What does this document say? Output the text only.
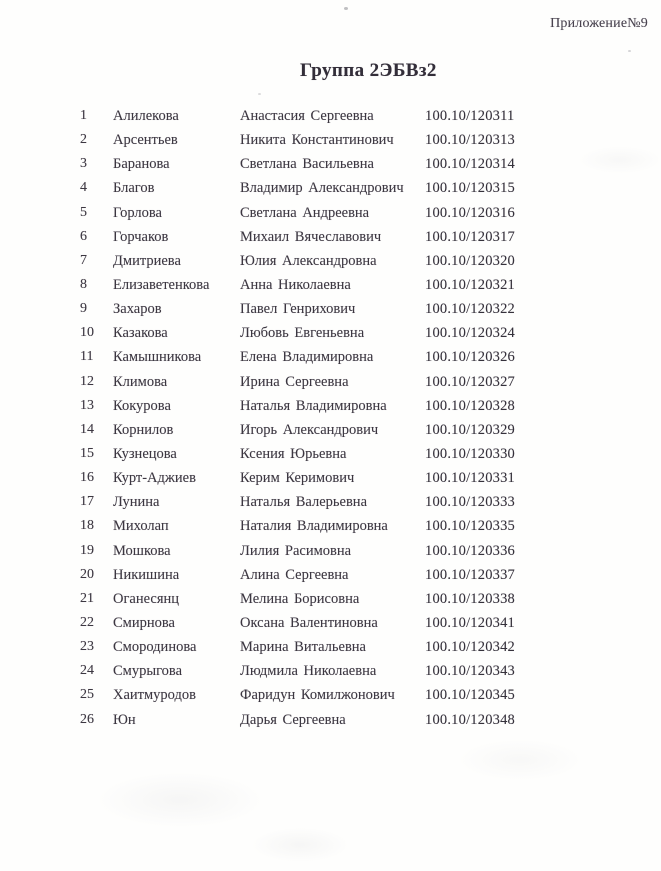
Приложение№9
Группа 2ЭБВз2
1	Алилекова	Анастасия Сергеевна	100.10/120311
2	Арсентьев	Никита Константинович	100.10/120313
3	Баранова	Светлана Васильевна	100.10/120314
4	Благов	Владимир Александрович	100.10/120315
5	Горлова	Светлана Андреевна	100.10/120316
6	Горчаков	Михаил Вячеславович	100.10/120317
7	Дмитриева	Юлия Александровна	100.10/120320
8	Елизаветенкова	Анна Николаевна	100.10/120321
9	Захаров	Павел Генрихович	100.10/120322
10	Казакова	Любовь Евгеньевна	100.10/120324
11	Камышникова	Елена Владимировна	100.10/120326
12	Климова	Ирина Сергеевна	100.10/120327
13	Кокурова	Наталья Владимировна	100.10/120328
14	Корнилов	Игорь Александрович	100.10/120329
15	Кузнецова	Ксения Юрьевна	100.10/120330
16	Курт-Аджиев	Керим Керимович	100.10/120331
17	Лунина	Наталья Валерьевна	100.10/120333
18	Михолап	Наталия Владимировна	100.10/120335
19	Мошкова	Лилия Расимовна	100.10/120336
20	Никишина	Алина Сергеевна	100.10/120337
21	Оганесянц	Мелина Борисовна	100.10/120338
22	Смирнова	Оксана Валентиновна	100.10/120341
23	Смородинова	Марина Витальевна	100.10/120342
24	Смурыгова	Людмила Николаевна	100.10/120343
25	Хаитмуродов	Фаридун Комилжонович	100.10/120345
26	Юн	Дарья Сергеевна	100.10/120348
